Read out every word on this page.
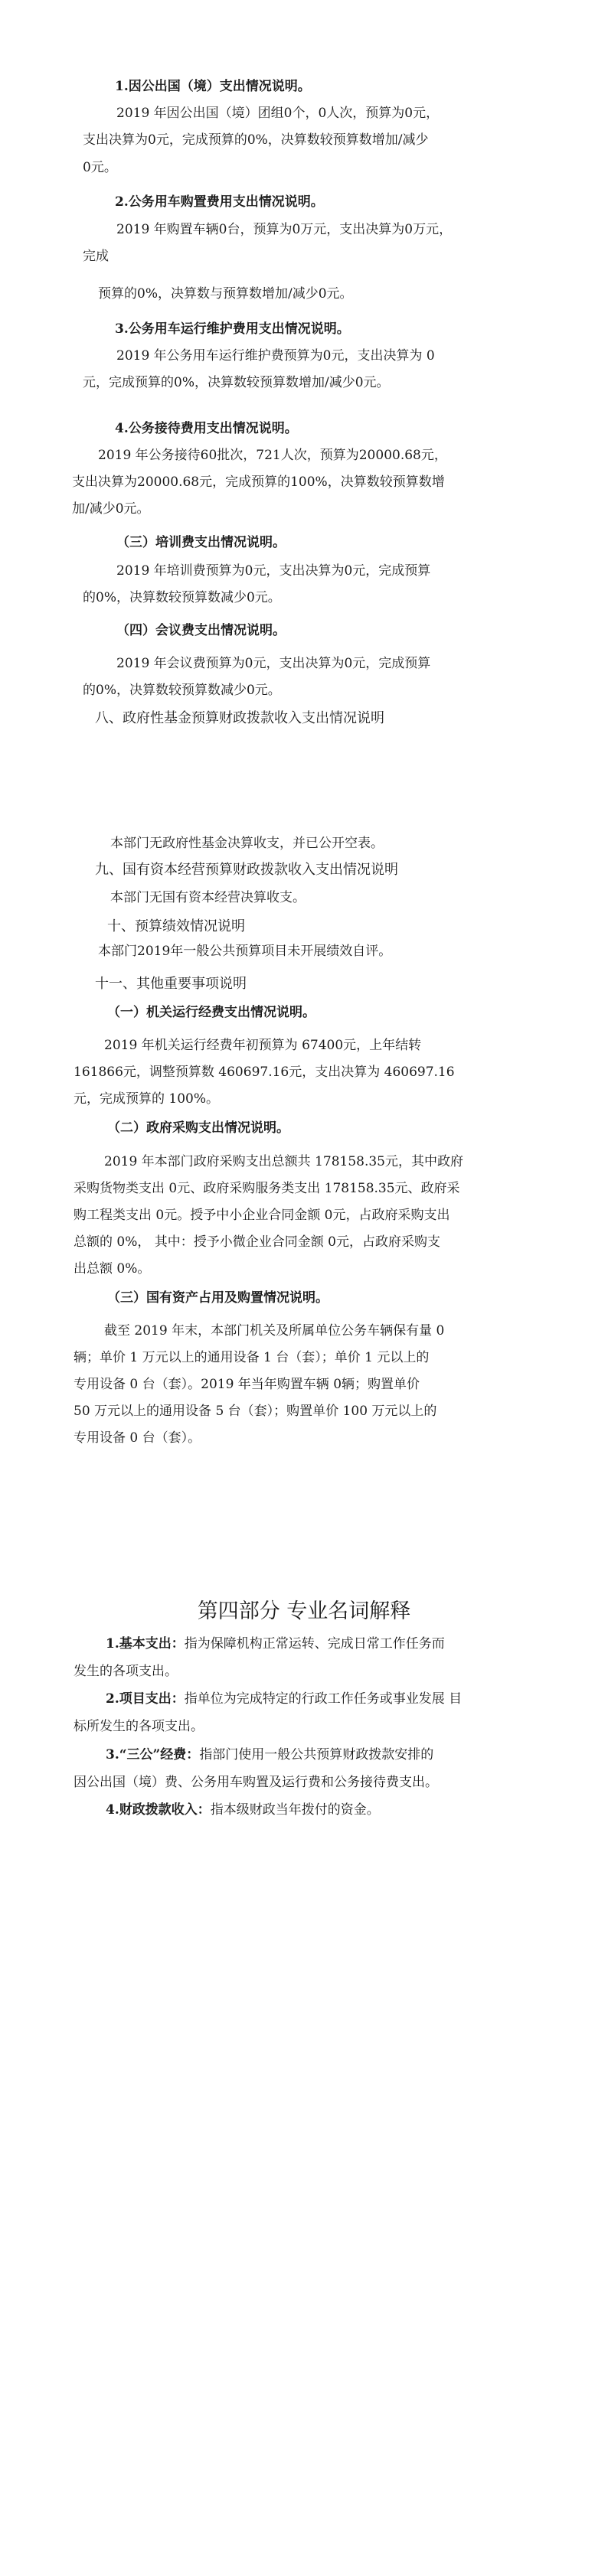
1.因公出国（境）支出情况说明。
2019 年因公出国（境）团组0个，0人次，预算为0元，
支出决算为0元，完成预算的0%，决算数较预算数增加/减少
0元。
2.公务用车购置费用支出情况说明。
2019 年购置车辆0台，预算为0万元，支出决算为0万元，
完成
预算的0%，决算数与预算数增加/减少0元。
3.公务用车运行维护费用支出情况说明。
2019 年公务用车运行维护费预算为0元，支出决算为 0
元，完成预算的0%，决算数较预算数增加/减少0元。
4.公务接待费用支出情况说明。
2019 年公务接待60批次，721人次，预算为20000.68元，
支出决算为20000.68元，完成预算的100%，决算数较预算数增
加/减少0元。
（三）培训费支出情况说明。
2019 年培训费预算为0元，支出决算为0元，完成预算
的0%，决算数较预算数减少0元。
（四）会议费支出情况说明。
2019 年会议费预算为0元，支出决算为0元，完成预算
的0%，决算数较预算数减少0元。
八、政府性基金预算财政拨款收入支出情况说明
本部门无政府性基金决算收支，并已公开空表。
九、国有资本经营预算财政拨款收入支出情况说明
本部门无国有资本经营决算收支。
十、预算绩效情况说明
本部门2019年一般公共预算项目未开展绩效自评。
十一、其他重要事项说明
（一）机关运行经费支出情况说明。
2019 年机关运行经费年初预算为 67400元，上年结转
161866元，调整预算数 460697.16元，支出决算为 460697.16
元，完成预算的 100%。
（二）政府采购支出情况说明。
2019 年本部门政府采购支出总额共 178158.35元，其中政府
采购货物类支出 0元、政府采购服务类支出 178158.35元、政府采
购工程类支出 0元。授予中小企业合同金额 0元，占政府采购支出
总额的 0%， 其中：授予小微企业合同金额 0元，占政府采购支
出总额 0%。
（三）国有资产占用及购置情况说明。
截至 2019 年末，本部门机关及所属单位公务车辆保有量 0
辆；单价 1 万元以上的通用设备 1 台（套）；单价 1 元以上的
专用设备 0 台（套）。2019 年当年购置车辆 0辆；购置单价
50 万元以上的通用设备 5 台（套）；购置单价 100 万元以上的
专用设备 0 台（套）。
第四部分 专业名词解释
1.基本支出：指为保障机构正常运转、完成日常工作任务而
发生的各项支出。
2.项目支出：指单位为完成特定的行政工作任务或事业发展 目
标所发生的各项支出。
3.“三公”经费：指部门使用一般公共预算财政拨款安排的
因公出国（境）费、公务用车购置及运行费和公务接待费支出。
4.财政拨款收入：指本级财政当年拨付的资金。
